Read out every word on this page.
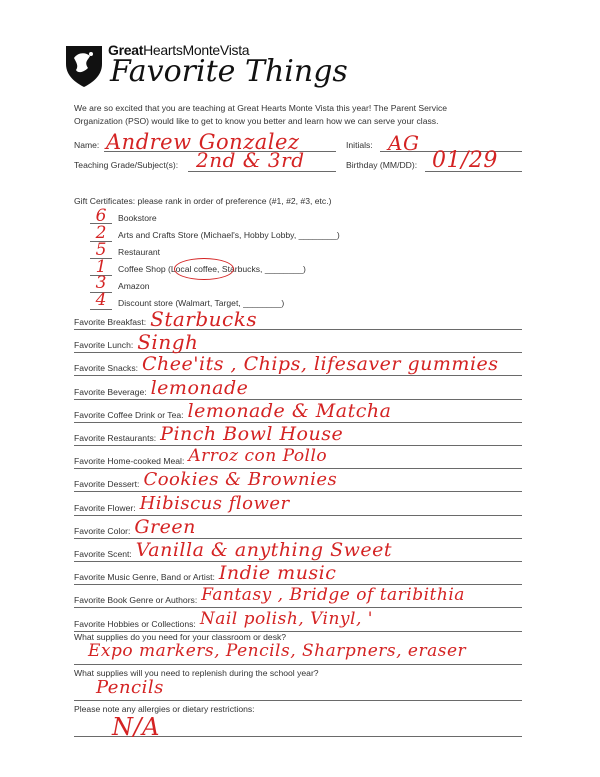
GreatHeartsMonteVista
Favorite Things
We are so excited that you are teaching at Great Hearts Monte Vista this year! The Parent Service
Organization (PSO) would like to get to know you better and learn how we can serve your class.
Name: Andrew Gonzalez	Initials: AG
Teaching Grade/Subject(s): 2nd & 3rd	Birthday (MM/DD): 01/29
Gift Certificates: please rank in order of preference (#1, #2, #3, etc.)
6	Bookstore
2	Arts and Crafts Store (Michael's, Hobby Lobby, ________)
5	Restaurant
1	Coffee Shop (Local coffee, Starbucks, ________)
3	Amazon
4	Discount store (Walmart, Target, ________)
Favorite Breakfast: Starbucks
Favorite Lunch: Singh
Favorite Snacks: Chee'its , Chips, lifesaver gummies
Favorite Beverage: lemonade
Favorite Coffee Drink or Tea: lemonade & Matcha
Favorite Restaurants: Pinch Bowl House
Favorite Home-cooked Meal: Arroz con Pollo
Favorite Dessert: Cookies & Brownies
Favorite Flower: Hibiscus flower
Favorite Color: Green
Favorite Scent: Vanilla & anything Sweet
Favorite Music Genre, Band or Artist: Indie music
Favorite Book Genre or Authors: Fantasy , Bridge of taribithia
Favorite Hobbies or Collections: Nail polish, Vinyl, '
What supplies do you need for your classroom or desk?
Expo markers, Pencils, Sharpners, eraser
What supplies will you need to replenish during the school year?
Pencils
Please note any allergies or dietary restrictions:
N/A
